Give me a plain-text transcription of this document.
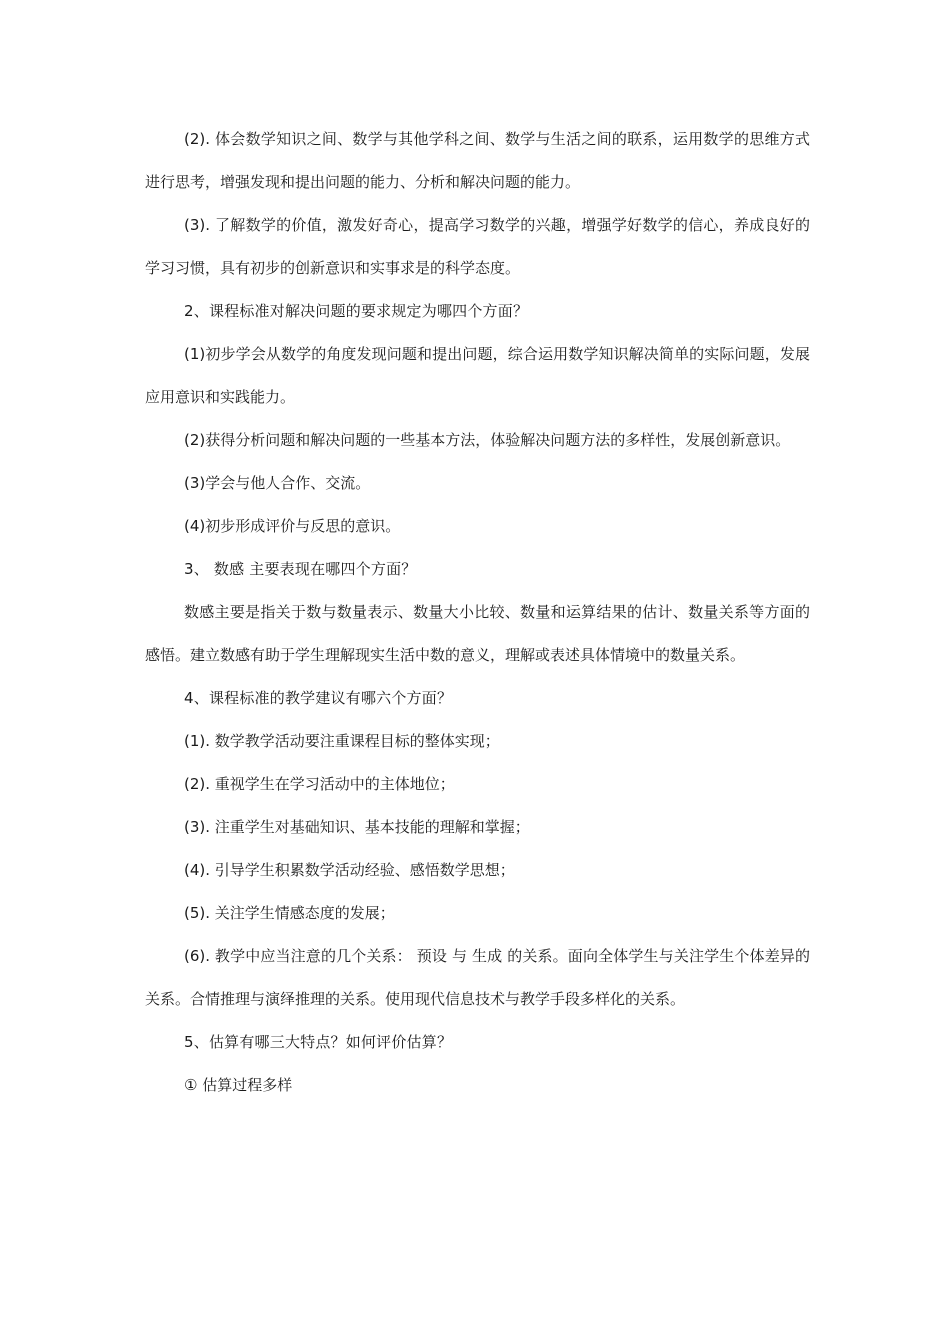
(2). 体会数学知识之间、数学与其他学科之间、数学与生活之间的联系，运用数学的思维方式进行思考，增强发现和提出问题的能力、分析和解决问题的能力。

(3). 了解数学的价值，激发好奇心，提高学习数学的兴趣，增强学好数学的信心，养成良好的学习习惯，具有初步的创新意识和实事求是的科学态度。

2、课程标准对解决问题的要求规定为哪四个方面？

(1)初步学会从数学的角度发现问题和提出问题，综合运用数学知识解决简单的实际问题，发展应用意识和实践能力。

(2)获得分析问题和解决问题的一些基本方法，体验解决问题方法的多样性，发展创新意识。

(3)学会与他人合作、交流。

(4)初步形成评价与反思的意识。

3、 数感 主要表现在哪四个方面？

数感主要是指关于数与数量表示、数量大小比较、数量和运算结果的估计、数量关系等方面的感悟。建立数感有助于学生理解现实生活中数的意义，理解或表述具体情境中的数量关系。

4、课程标准的教学建议有哪六个方面？

(1). 数学教学活动要注重课程目标的整体实现；

(2). 重视学生在学习活动中的主体地位；

(3). 注重学生对基础知识、基本技能的理解和掌握；

(4). 引导学生积累数学活动经验、感悟数学思想；

(5). 关注学生情感态度的发展；

(6). 教学中应当注意的几个关系： 预设 与 生成 的关系。面向全体学生与关注学生个体差异的关系。合情推理与演绎推理的关系。使用现代信息技术与教学手段多样化的关系。

5、估算有哪三大特点？如何评价估算？

① 估算过程多样
